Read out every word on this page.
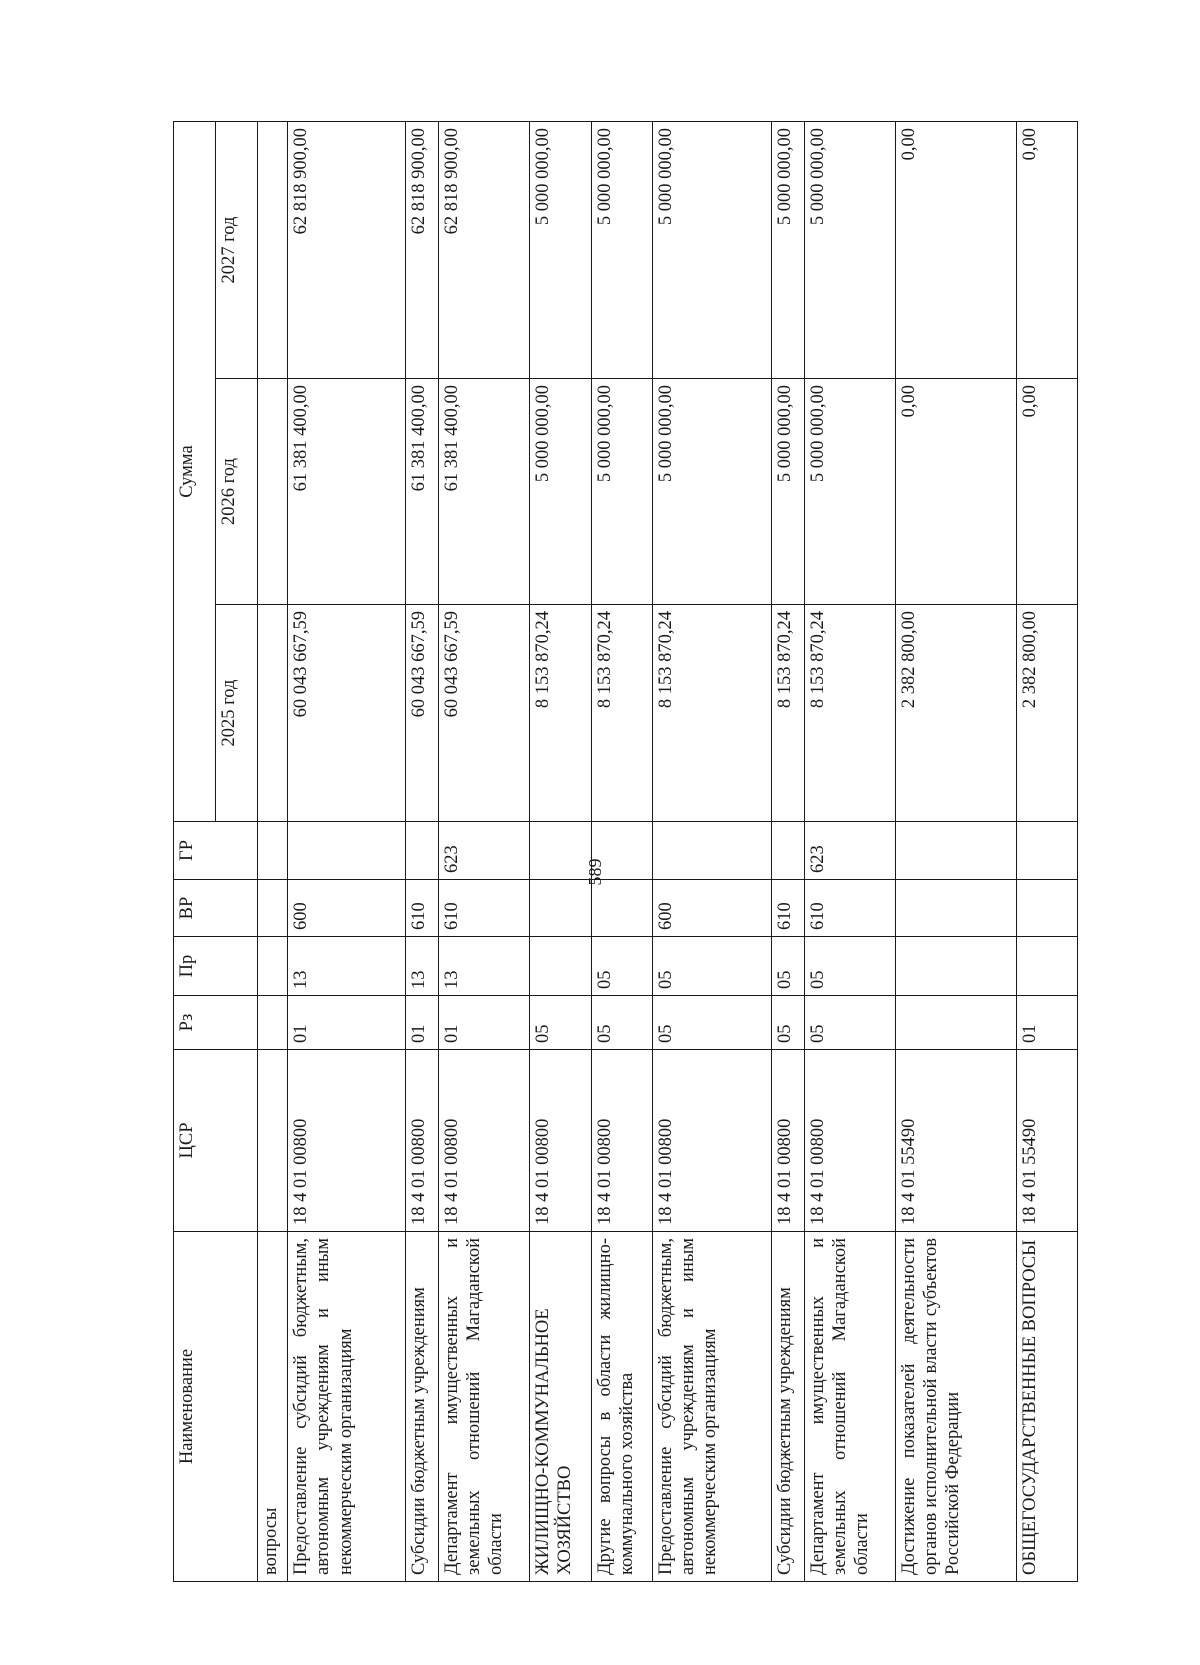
589
Наименование	ЦСР	Рз	Пр	ВР	ГР	Сумма		
						2025 год	2026 год	2027 год
вопросы								
Предоставление субсидий бюджетным, автономным учреждениям и иным некоммерческим организациям	18 4 01 00800	01	13	600		60 043 667,59	61 381 400,00	62 818 900,00
Субсидии бюджетным учреждениям	18 4 01 00800	01	13	610		60 043 667,59	61 381 400,00	62 818 900,00
Департамент имущественных и земельных отношений Магаданской области	18 4 01 00800	01	13	610	623	60 043 667,59	61 381 400,00	62 818 900,00
ЖИЛИЩНО-КОММУНАЛЬНОЕ ХОЗЯЙСТВО	18 4 01 00800	05				8 153 870,24	5 000 000,00	5 000 000,00
Другие вопросы в области жилищно-коммунального хозяйства	18 4 01 00800	05	05			8 153 870,24	5 000 000,00	5 000 000,00
Предоставление субсидий бюджетным, автономным учреждениям и иным некоммерческим организациям	18 4 01 00800	05	05	600		8 153 870,24	5 000 000,00	5 000 000,00
Субсидии бюджетным учреждениям	18 4 01 00800	05	05	610		8 153 870,24	5 000 000,00	5 000 000,00
Департамент имущественных и земельных отношений Магаданской области	18 4 01 00800	05	05	610	623	8 153 870,24	5 000 000,00	5 000 000,00
Достижение показателей деятельности органов исполнительной власти субъектов Российской Федерации	18 4 01 55490					2 382 800,00	0,00	0,00
ОБЩЕГОСУДАРСТВЕННЫЕ ВОПРОСЫ	18 4 01 55490	01				2 382 800,00	0,00	0,00
